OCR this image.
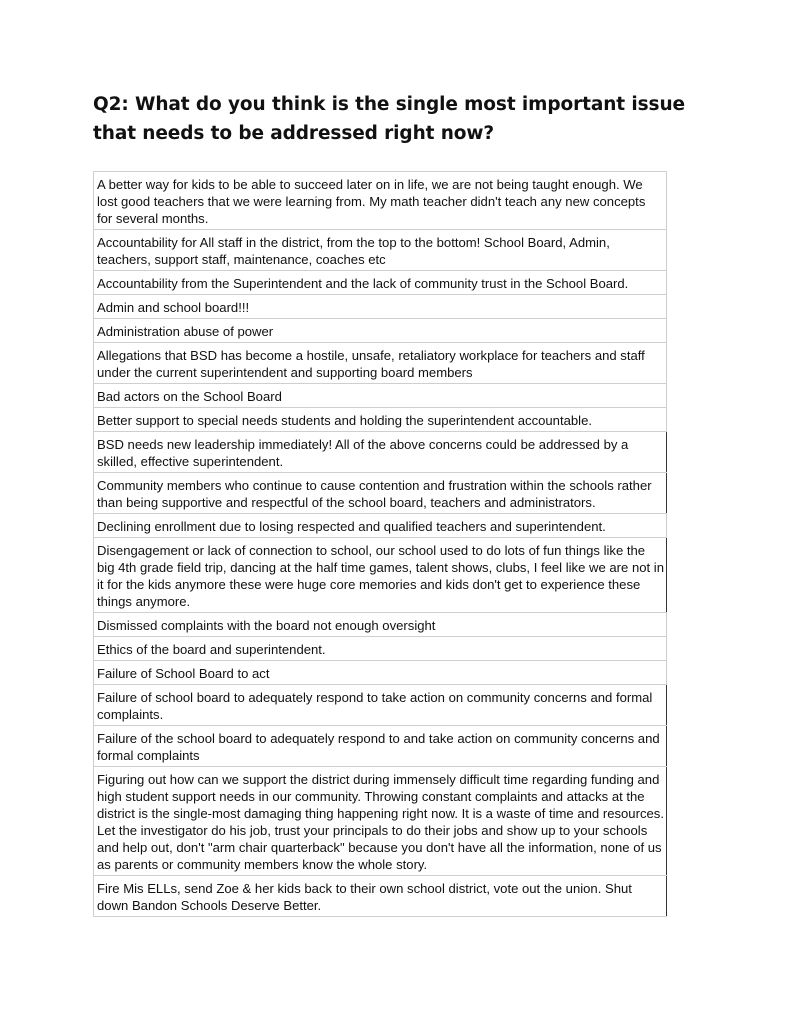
Q2: What do you think is the single most important issue that needs to be addressed right now?
A better way for kids to be able to succeed later on in life, we are not being taught enough. We lost good teachers that we were learning from. My math teacher didn't teach any new concepts for several months.
Accountability for All staff in the district, from the top to the bottom! School Board, Admin, teachers, support staff, maintenance, coaches etc
Accountability from the Superintendent and the lack of community trust in the School Board.
Admin and school board!!!
Administration abuse of power
Allegations that BSD has become a hostile, unsafe, retaliatory workplace for teachers and staff under the current superintendent and supporting board members
Bad actors on the School Board
Better support to special needs students and holding the superintendent accountable.
BSD needs new leadership immediately! All of the above concerns could be addressed by a skilled, effective superintendent.
Community members who continue to cause contention and frustration within the schools rather than being supportive and respectful of the school board, teachers and administrators.
Declining enrollment due to losing respected and qualified teachers and superintendent.
Disengagement or lack of connection to school, our school used to do lots of fun things like the big 4th grade field trip, dancing at the half time games, talent shows, clubs, I feel like we are not in it for the kids anymore these were huge core memories and kids don't get to experience these things anymore.
Dismissed complaints with the board not enough oversight
Ethics of the board and superintendent.
Failure of School Board to act
Failure of school board to adequately respond to take action on community concerns and formal complaints.
Failure of the school board to adequately respond to and take action on community concerns and formal complaints
Figuring out how can we support the district during immensely difficult time regarding funding and high student support needs in our community. Throwing constant complaints and attacks at the district is the single-most damaging thing happening right now. It is a waste of time and resources. Let the investigator do his job, trust your principals to do their jobs and show up to your schools and help out, don't "arm chair quarterback" because you don't have all the information, none of us as parents or community members know the whole story.
Fire Mis ELLs, send Zoe & her kids back to their own school district, vote out the union. Shut down Bandon Schools Deserve Better.
